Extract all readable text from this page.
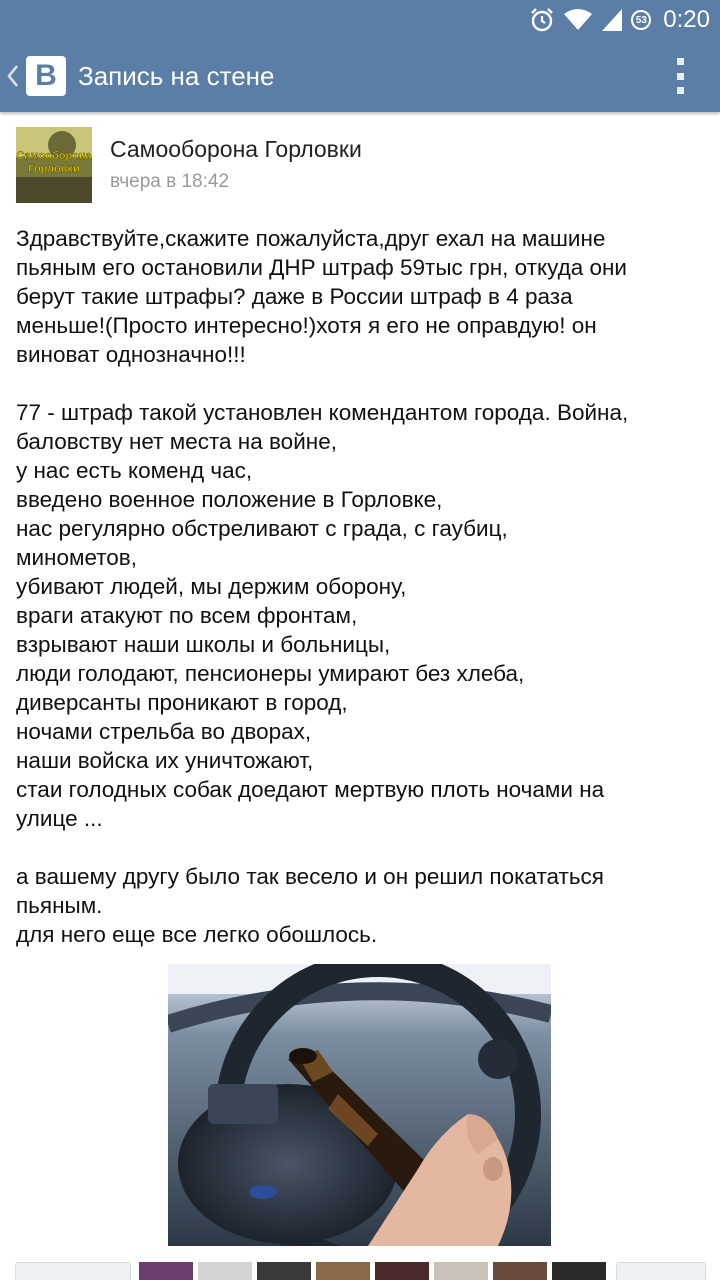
53 0:20
B Запись на стене
Самооборона
Горловки
Самооборона Горловки
вчера в 18:42

Здравствуйте,скажите пожалуйста,друг ехал на машине

пьяным его остановили ДНР штраф 59тыс грн, откуда они

берут такие штрафы? даже в России штраф в 4 раза

меньше!(Просто интересно!)хотя я его не оправдую! он

виноват однозначно!!!

77 - штраф такой установлен комендантом города. Война,

баловству нет места на войне,

у нас есть коменд час,

введено военное положение в Горловке,

нас регулярно обстреливают с града, с гаубиц,

минометов,

убивают людей, мы держим оборону,

враги атакуют по всем фронтам,

взрывают наши школы и больницы,

люди голодают, пенсионеры умирают без хлеба,

диверсанты проникают в город,

ночами стрельба во дворах,

наши войска их уничтожают,

стаи голодных собак доедают мертвую плоть ночами на

улице ...

а вашему другу было так весело и он решил покататься

пьяным.

для него еще все легко обошлось.
